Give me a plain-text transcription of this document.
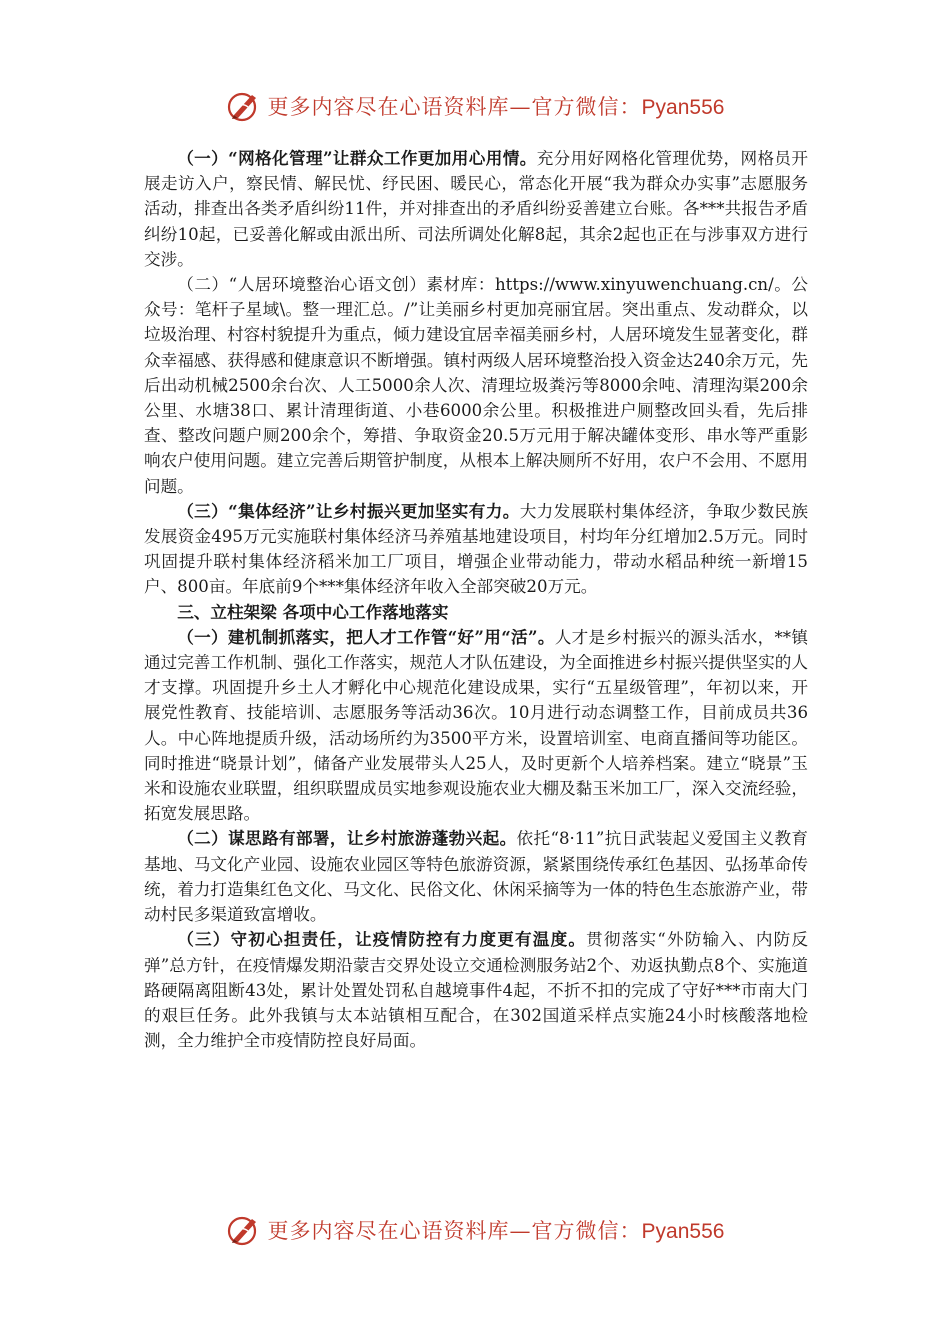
更多内容尽在心语资料库—官方微信：Pyan556

（一）“网格化管理”让群众工作更加用心用情。充分用好网格化管理优势，网格员开展走访入户，察民情、解民忧、纾民困、暖民心，常态化开展“我为群众办实事”志愿服务活动，排查出各类矛盾纠纷11件，并对排查出的矛盾纠纷妥善建立台账。各***共报告矛盾纠纷10起，已妥善化解或由派出所、司法所调处化解8起，其余2起也正在与涉事双方进行交涉。

（二）“人居环境整治心语文创）素材库：https://www.xinyuwenchuang.cn/。公众号：笔杆子星域\。整一理汇总。/”让美丽乡村更加亮丽宜居。突出重点、发动群众，以垃圾治理、村容村貌提升为重点，倾力建设宜居幸福美丽乡村，人居环境发生显著变化，群众幸福感、获得感和健康意识不断增强。镇村两级人居环境整治投入资金达240余万元，先后出动机械2500余台次、人工5000余人次、清理垃圾粪污等8000余吨、清理沟渠200余公里、水塘38口、累计清理街道、小巷6000余公里。积极推进户厕整改回头看，先后排查、整改问题户厕200余个，筹措、争取资金20.5万元用于解决罐体变形、串水等严重影响农户使用问题。建立完善后期管护制度，从根本上解决厕所不好用，农户不会用、不愿用问题。

（三）“集体经济”让乡村振兴更加坚实有力。大力发展联村集体经济，争取少数民族发展资金495万元实施联村集体经济马养殖基地建设项目，村均年分红增加2.5万元。同时巩固提升联村集体经济稻米加工厂项目，增强企业带动能力，带动水稻品种统一新增15户、800亩。年底前9个***集体经济年收入全部突破20万元。

三、立柱架梁 各项中心工作落地落实

（一）建机制抓落实，把人才工作管“好”用“活”。人才是乡村振兴的源头活水，**镇通过完善工作机制、强化工作落实，规范人才队伍建设，为全面推进乡村振兴提供坚实的人才支撑。巩固提升乡土人才孵化中心规范化建设成果，实行“五星级管理”，年初以来，开展党性教育、技能培训、志愿服务等活动36次。10月进行动态调整工作，目前成员共36人。中心阵地提质升级，活动场所约为3500平方米，设置培训室、电商直播间等功能区。同时推进“晓景计划”，储备产业发展带头人25人，及时更新个人培养档案。建立“晓景”玉米和设施农业联盟，组织联盟成员实地参观设施农业大棚及黏玉米加工厂，深入交流经验，拓宽发展思路。

（二）谋思路有部署，让乡村旅游蓬勃兴起。依托“8·11”抗日武装起义爱国主义教育基地、马文化产业园、设施农业园区等特色旅游资源，紧紧围绕传承红色基因、弘扬革命传统，着力打造集红色文化、马文化、民俗文化、休闲采摘等为一体的特色生态旅游产业，带动村民多渠道致富增收。

（三）守初心担责任，让疫情防控有力度更有温度。贯彻落实“外防输入、内防反弹”总方针，在疫情爆发期沿蒙吉交界处设立交通检测服务站2个、劝返执勤点8个、实施道路硬隔离阻断43处，累计处置处罚私自越境事件4起，不折不扣的完成了守好***市南大门的艰巨任务。此外我镇与太本站镇相互配合，在302国道采样点实施24小时核酸落地检测，全力维护全市疫情防控良好局面。

更多内容尽在心语资料库—官方微信：Pyan556
